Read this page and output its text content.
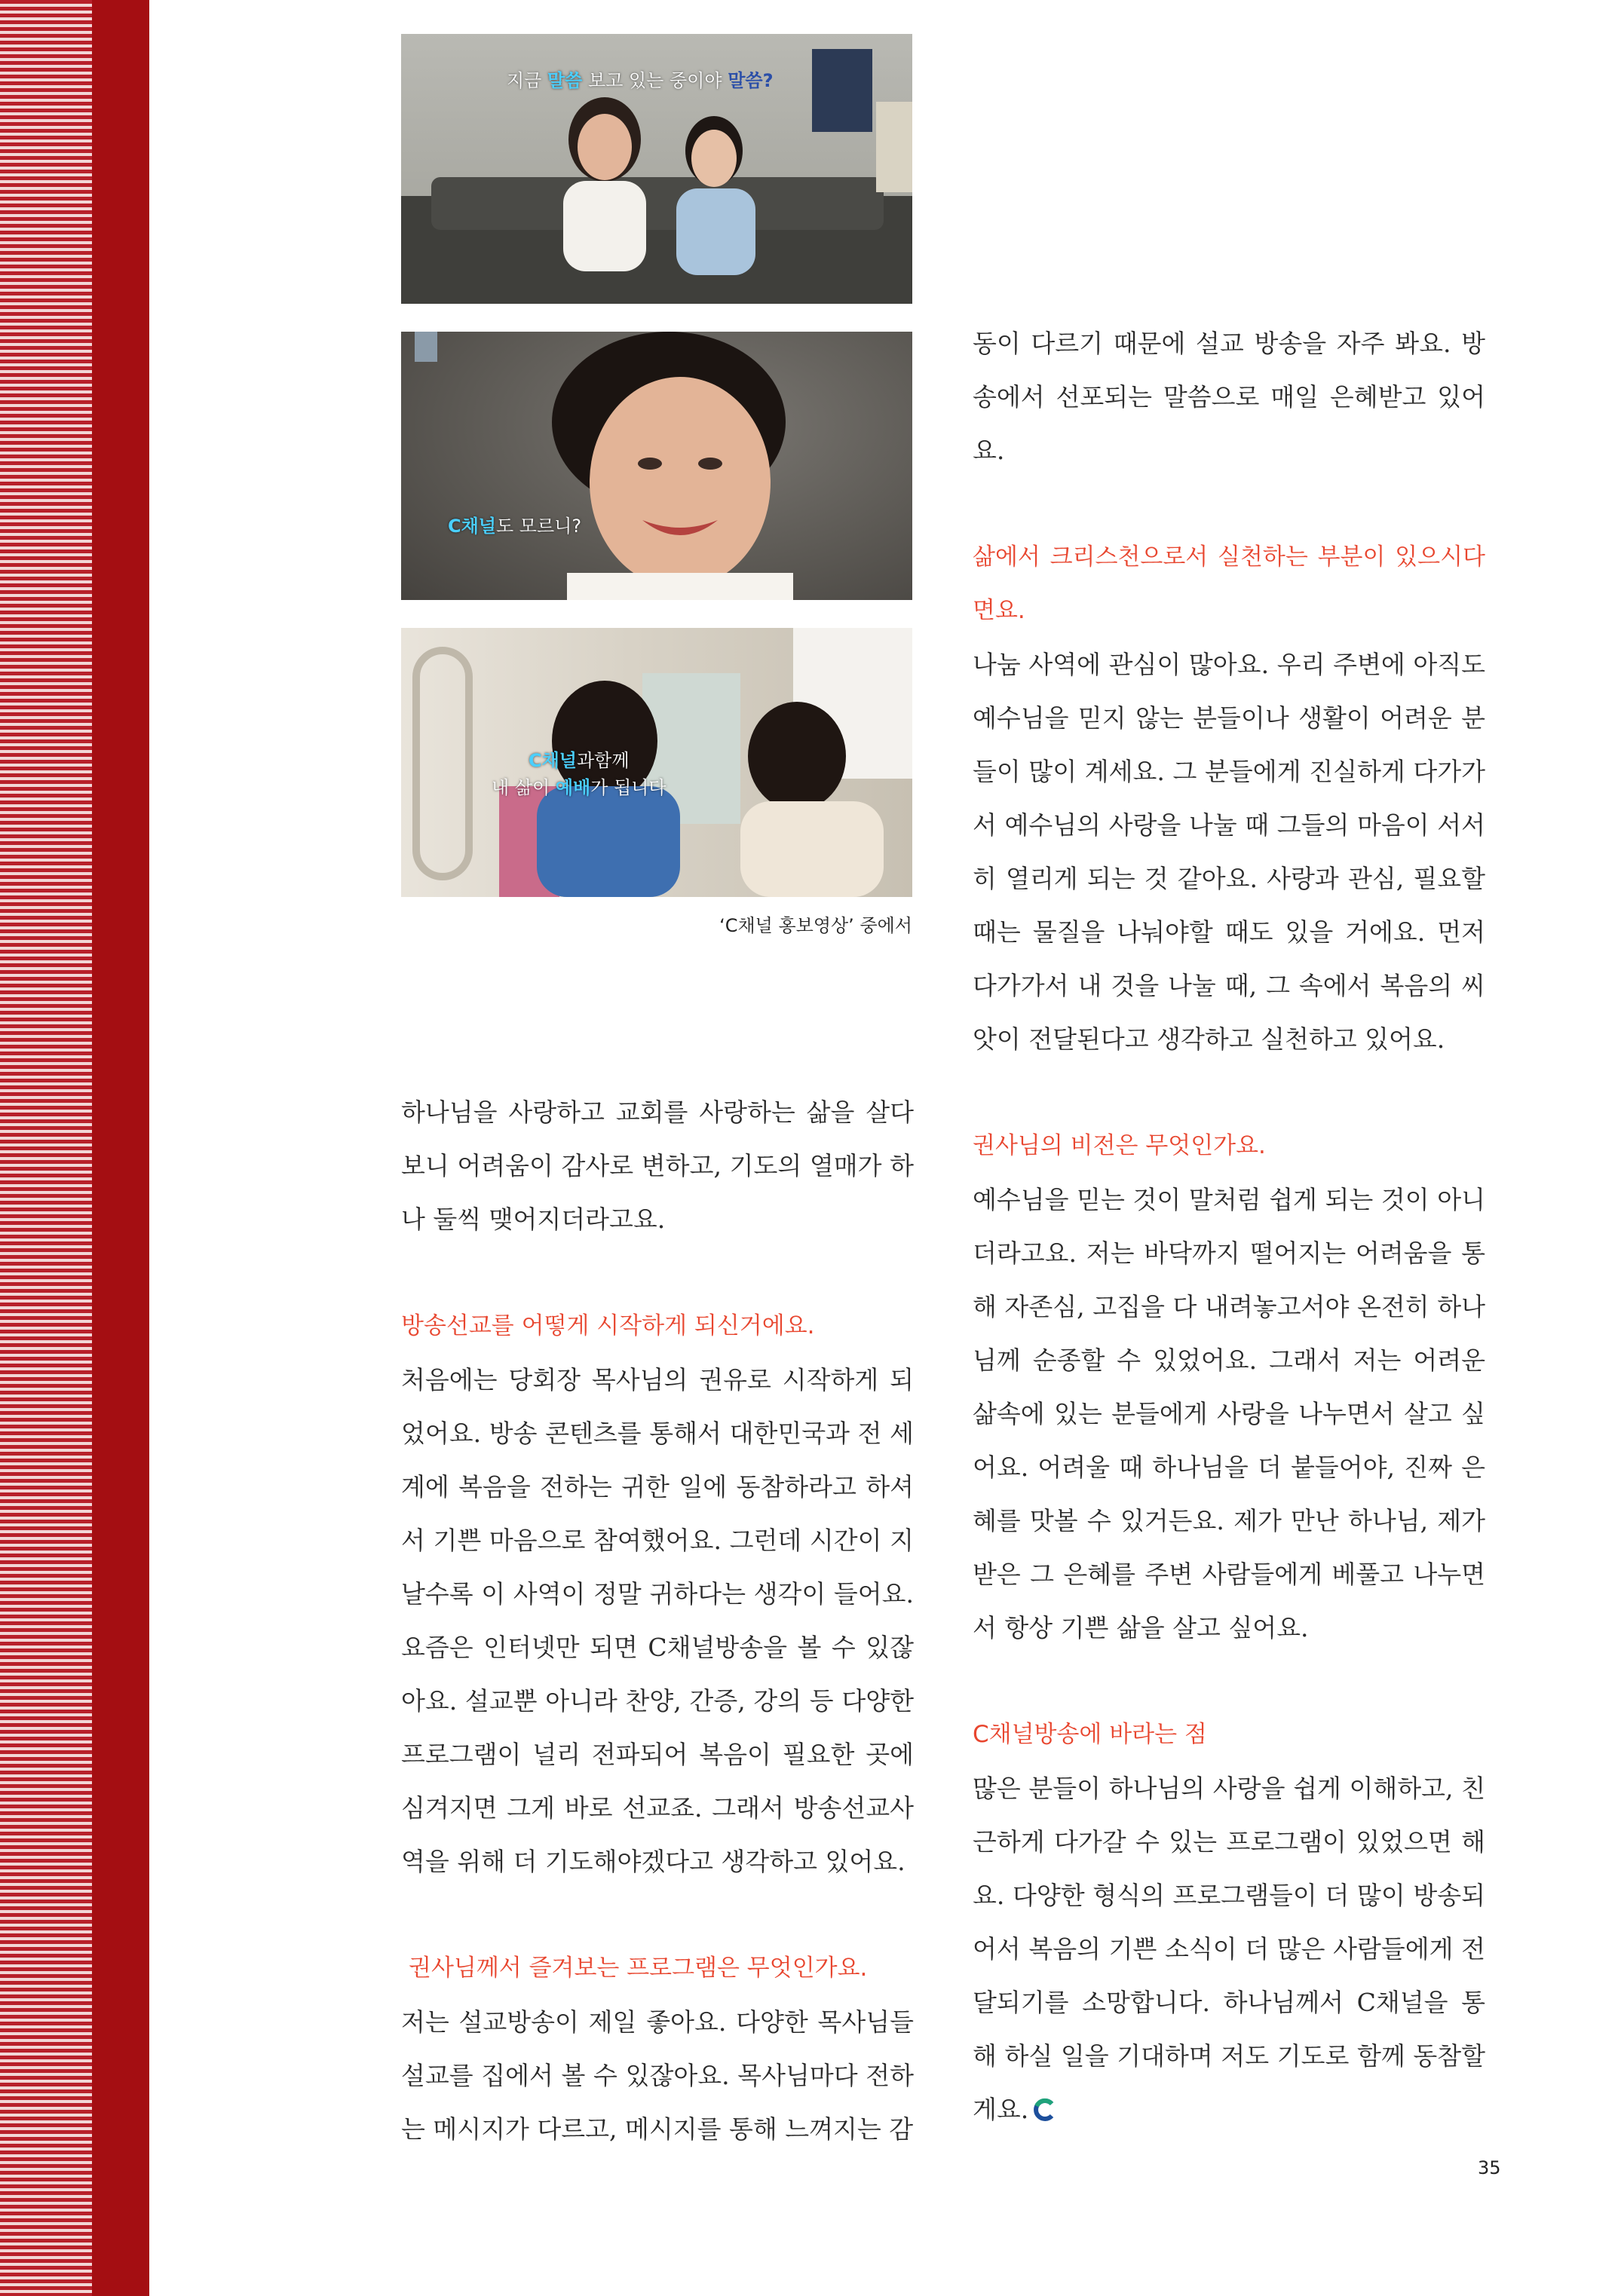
지금 말씀 보고 있는 중이야 말씀?
C채널도 모르니?
C채널과함께
내 삶이 예배가 됩니다
‘C채널 홍보영상’ 중에서

하나님을 사랑하고 교회를 사랑하는 삶을 살다보니 어려움이 감사로 변하고, 기도의 열매가 하나 둘씩 맺어지더라고요.

방송선교를 어떻게 시작하게 되신거에요.

처음에는 당회장 목사님의 권유로 시작하게 되었어요. 방송 콘텐츠를 통해서 대한민국과 전 세계에 복음을 전하는 귀한 일에 동참하라고 하셔서 기쁜 마음으로 참여했어요. 그런데 시간이 지날수록 이 사역이 정말 귀하다는 생각이 들어요. 요즘은 인터넷만 되면 C채널방송을 볼 수 있잖아요. 설교뿐 아니라 찬양, 간증, 강의 등 다양한 프로그램이 널리 전파되어 복음이 필요한 곳에 심겨지면 그게 바로 선교죠. 그래서 방송선교사역을 위해 더 기도해야겠다고 생각하고 있어요.

권사님께서 즐겨보는 프로그램은 무엇인가요.

저는 설교방송이 제일 좋아요. 다양한 목사님들 설교를 집에서 볼 수 있잖아요. 목사님마다 전하는 메시지가 다르고, 메시지를 통해 느껴지는 감

동이 다르기 때문에 설교 방송을 자주 봐요. 방송에서 선포되는 말씀으로 매일 은혜받고 있어요.

삶에서 크리스천으로서 실천하는 부분이 있으시다면요.

나눔 사역에 관심이 많아요. 우리 주변에 아직도 예수님을 믿지 않는 분들이나 생활이 어려운 분들이 많이 계세요. 그 분들에게 진실하게 다가가서 예수님의 사랑을 나눌 때 그들의 마음이 서서히 열리게 되는 것 같아요. 사랑과 관심, 필요할 때는 물질을 나눠야할 때도 있을 거에요. 먼저 다가가서 내 것을 나눌 때, 그 속에서 복음의 씨앗이 전달된다고 생각하고 실천하고 있어요.

권사님의 비전은 무엇인가요.

예수님을 믿는 것이 말처럼 쉽게 되는 것이 아니더라고요. 저는 바닥까지 떨어지는 어려움을 통해 자존심, 고집을 다 내려놓고서야 온전히 하나님께 순종할 수 있었어요. 그래서 저는 어려운 삶속에 있는 분들에게 사랑을 나누면서 살고 싶어요. 어려울 때 하나님을 더 붙들어야, 진짜 은혜를 맛볼 수 있거든요. 제가 만난 하나님, 제가 받은 그 은혜를 주변 사람들에게 베풀고 나누면서 항상 기쁜 삶을 살고 싶어요.

C채널방송에 바라는 점

많은 분들이 하나님의 사랑을 쉽게 이해하고, 친근하게 다가갈 수 있는 프로그램이 있었으면 해요. 다양한 형식의 프로그램들이 더 많이 방송되어서 복음의 기쁜 소식이 더 많은 사람들에게 전달되기를 소망합니다. 하나님께서 C채널을 통해 하실 일을 기대하며 저도 기도로 함께 동참할게요.

35
